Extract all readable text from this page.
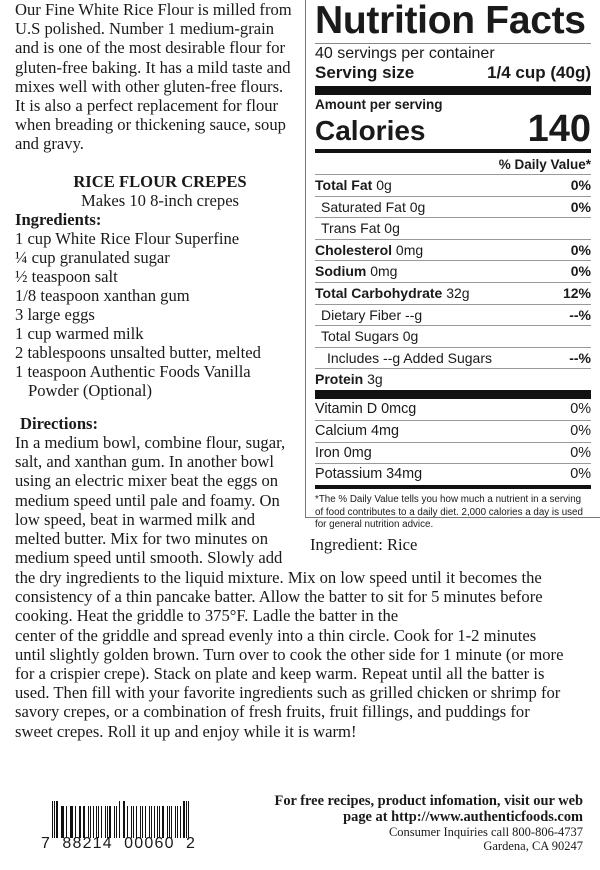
Our Fine White Rice Flour is milled from
U.S polished. Number 1 medium-grain
and is one of the most desirable flour for
gluten-free baking. It has a mild taste and
mixes well with other gluten-free flours.
It is also a perfect replacement for flour
when breading or thickening sauce, soup
and gravy.
RICE FLOUR CREPES
Makes 10 8-inch crepes
Ingredients:
1 cup White Rice Flour Superfine
¼ cup granulated sugar
½ teaspoon salt
1/8 teaspoon xanthan gum
3 large eggs
1 cup warmed milk
2 tablespoons unsalted butter, melted
1 teaspoon Authentic Foods Vanilla
Powder (Optional)
Directions:
In a medium bowl, combine flour, sugar,
salt, and xanthan gum. In another bowl
using an electric mixer beat the eggs on
medium speed until pale and foamy. On
low speed, beat in warmed milk and
melted butter. Mix for two minutes on
medium speed until smooth. Slowly add
the dry ingredients to the liquid mixture. Mix on low speed until it becomes the
consistency of a thin pancake batter. Allow the batter to sit for 5 minutes before
cooking. Heat the griddle to 375°F. Ladle the batter in the
center of the griddle and spread evenly into a thin circle. Cook for 1-2 minutes
until slightly golden brown. Turn over to cook the other side for 1 minute (or more
for a crispier crepe). Stack on plate and keep warm. Repeat until all the batter is
used. Then fill with your favorite ingredients such as grilled chicken or shrimp for
savory crepes, or a combination of fresh fruits, fruit fillings, and puddings for
sweet crepes. Roll it up and enjoy while it is warm!
Nutrition Facts
40 servings per container
Serving size	1/4 cup (40g)
Amount per serving
Calories	140
% Daily Value*
Total Fat 0g	0%
Saturated Fat 0g	0%
Trans Fat 0g
Cholesterol 0mg	0%
Sodium 0mg	0%
Total Carbohydrate 32g	12%
Dietary Fiber --g	--%
Total Sugars 0g
Includes --g Added Sugars	--%
Protein 3g
Vitamin D 0mcg	0%
Calcium 4mg	0%
Iron 0mg	0%
Potassium 34mg	0%
*The % Daily Value tells you how much a nutrient in a serving of food contributes to a daily diet. 2,000 calories a day is used for general nutrition advice.
Ingredient: Rice
7  88214  00060  2
For free recipes, product infomation, visit our web
page at http://www.authenticfoods.com
Consumer Inquiries call 800-806-4737
Gardena, CA 90247
